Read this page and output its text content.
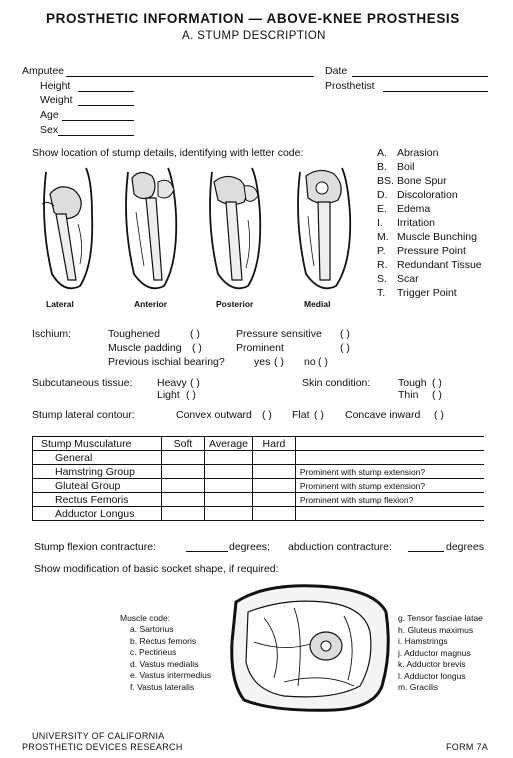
PROSTHETIC INFORMATION — ABOVE-KNEE PROSTHESIS
A. STUMP DESCRIPTION
Amputee	Date
Height	Prosthetist
Weight
Age
Sex
Show location of stump details, identifying with letter code:
Lateral	Anterior	Posterior	Medial
A. Abrasion
B. Boil
BS. Bone Spur
D. Discoloration
E. Edema
I. Irritation
M. Muscle Bunching
P. Pressure Point
R. Redundant Tissue
S. Scar
T. Trigger Point
Ischium:	Toughened	( )	Pressure sensitive ( )
Muscle padding ( )	Prominent	( )
Previous ischial bearing?	yes ( ) no ( )
Subcutaneous tissue: Heavy ( )
Light ( )
Skin condition:	Tough ( )
Thin ( )
Stump lateral contour:	Convex outward ( ) Flat ( ) Concave inward ( )
Stump Musculature	Soft	Average	Hard	
General				
Hamstring Group				Prominent with stump extension?
Gluteal Group				Prominent with stump extension?
Rectus Femoris				Prominent with stump flexion?
Adductor Longus				
Stump flexion contracture:	degrees; abduction contracture:	degrees
Show modification of basic socket shape, if required:
Muscle code:
a. Sartorius
b. Rectus femoris
c. Pectineus
d. Vastus medialis
e. Vastus intermedius
f. Vastus lateralis
g. Tensor fasciae latae
h. Gluteus maximus
i. Hamstrings
j. Adductor magnus
k. Adductor brevis
l. Adductor longus
m. Gracilis
UNIVERSITY OF CALIFORNIA
PROSTHETIC DEVICES RESEARCH	FORM 7A
